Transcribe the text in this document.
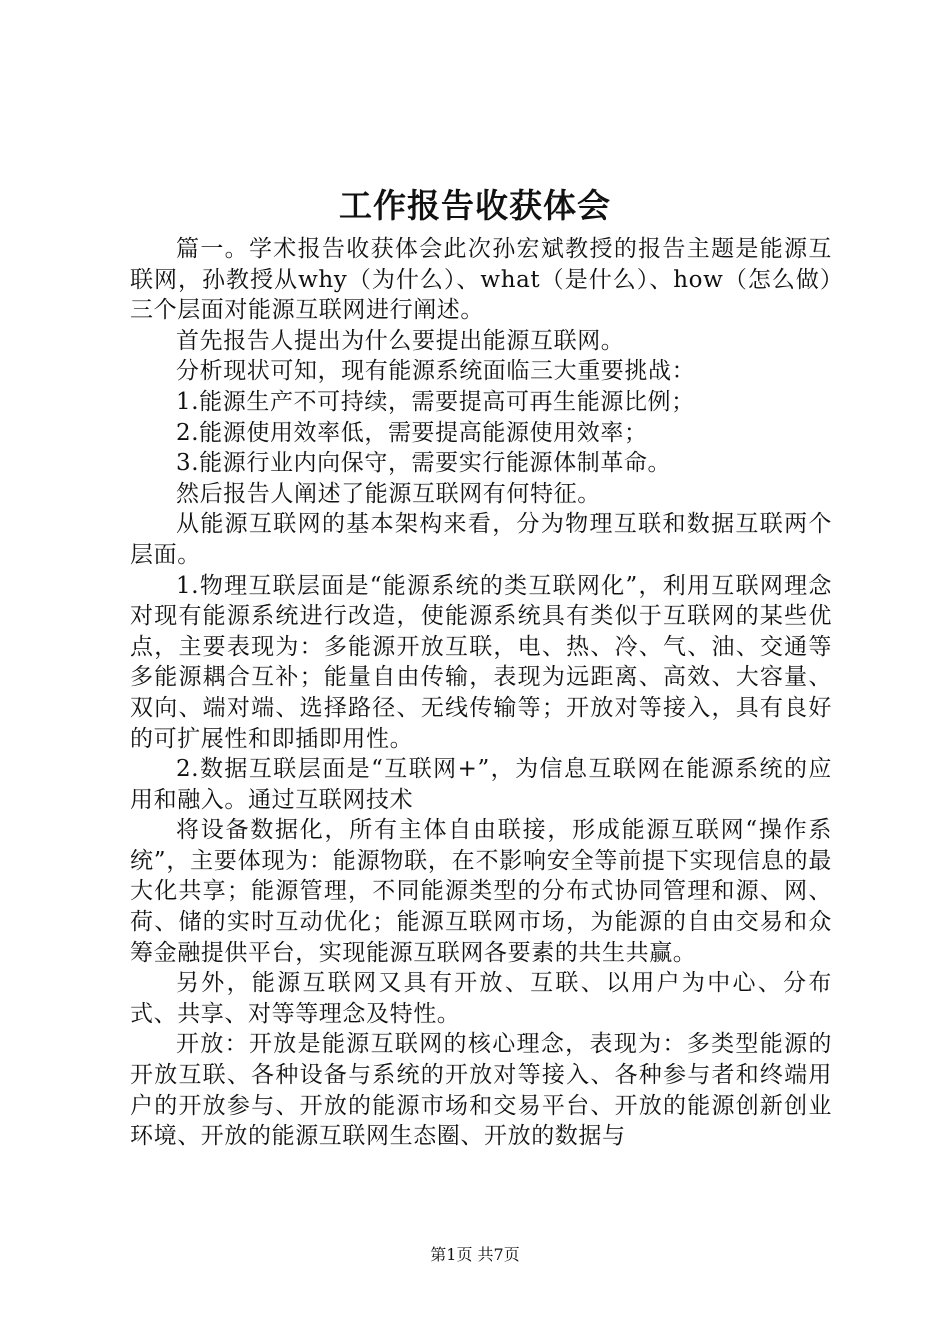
工作报告收获体会

篇一。学术报告收获体会此次孙宏斌教授的报告主题是能源互联网，孙教授从why（为什么）、what（是什么）、how（怎么做）三个层面对能源互联网进行阐述。

首先报告人提出为什么要提出能源互联网。

分析现状可知，现有能源系统面临三大重要挑战：

1.能源生产不可持续，需要提高可再生能源比例；

2.能源使用效率低，需要提高能源使用效率；

3.能源行业内向保守，需要实行能源体制革命。

然后报告人阐述了能源互联网有何特征。

从能源互联网的基本架构来看，分为物理互联和数据互联两个层面。

1.物理互联层面是“能源系统的类互联网化”，利用互联网理念对现有能源系统进行改造，使能源系统具有类似于互联网的某些优点，主要表现为：多能源开放互联，电、热、冷、气、油、交通等多能源耦合互补；能量自由传输，表现为远距离、高效、大容量、双向、端对端、选择路径、无线传输等；开放对等接入，具有良好的可扩展性和即插即用性。

2.数据互联层面是“互联网+”，为信息互联网在能源系统的应用和融入。通过互联网技术

将设备数据化，所有主体自由联接，形成能源互联网“操作系统”，主要体现为：能源物联，在不影响安全等前提下实现信息的最大化共享；能源管理，不同能源类型的分布式协同管理和源、网、荷、储的实时互动优化；能源互联网市场，为能源的自由交易和众筹金融提供平台，实现能源互联网各要素的共生共赢。

另外，能源互联网又具有开放、互联、以用户为中心、分布式、共享、对等等理念及特性。

开放：开放是能源互联网的核心理念，表现为：多类型能源的开放互联、各种设备与系统的开放对等接入、各种参与者和终端用户的开放参与、开放的能源市场和交易平台、开放的能源创新创业环境、开放的能源互联网生态圈、开放的数据与

第1页 共7页
